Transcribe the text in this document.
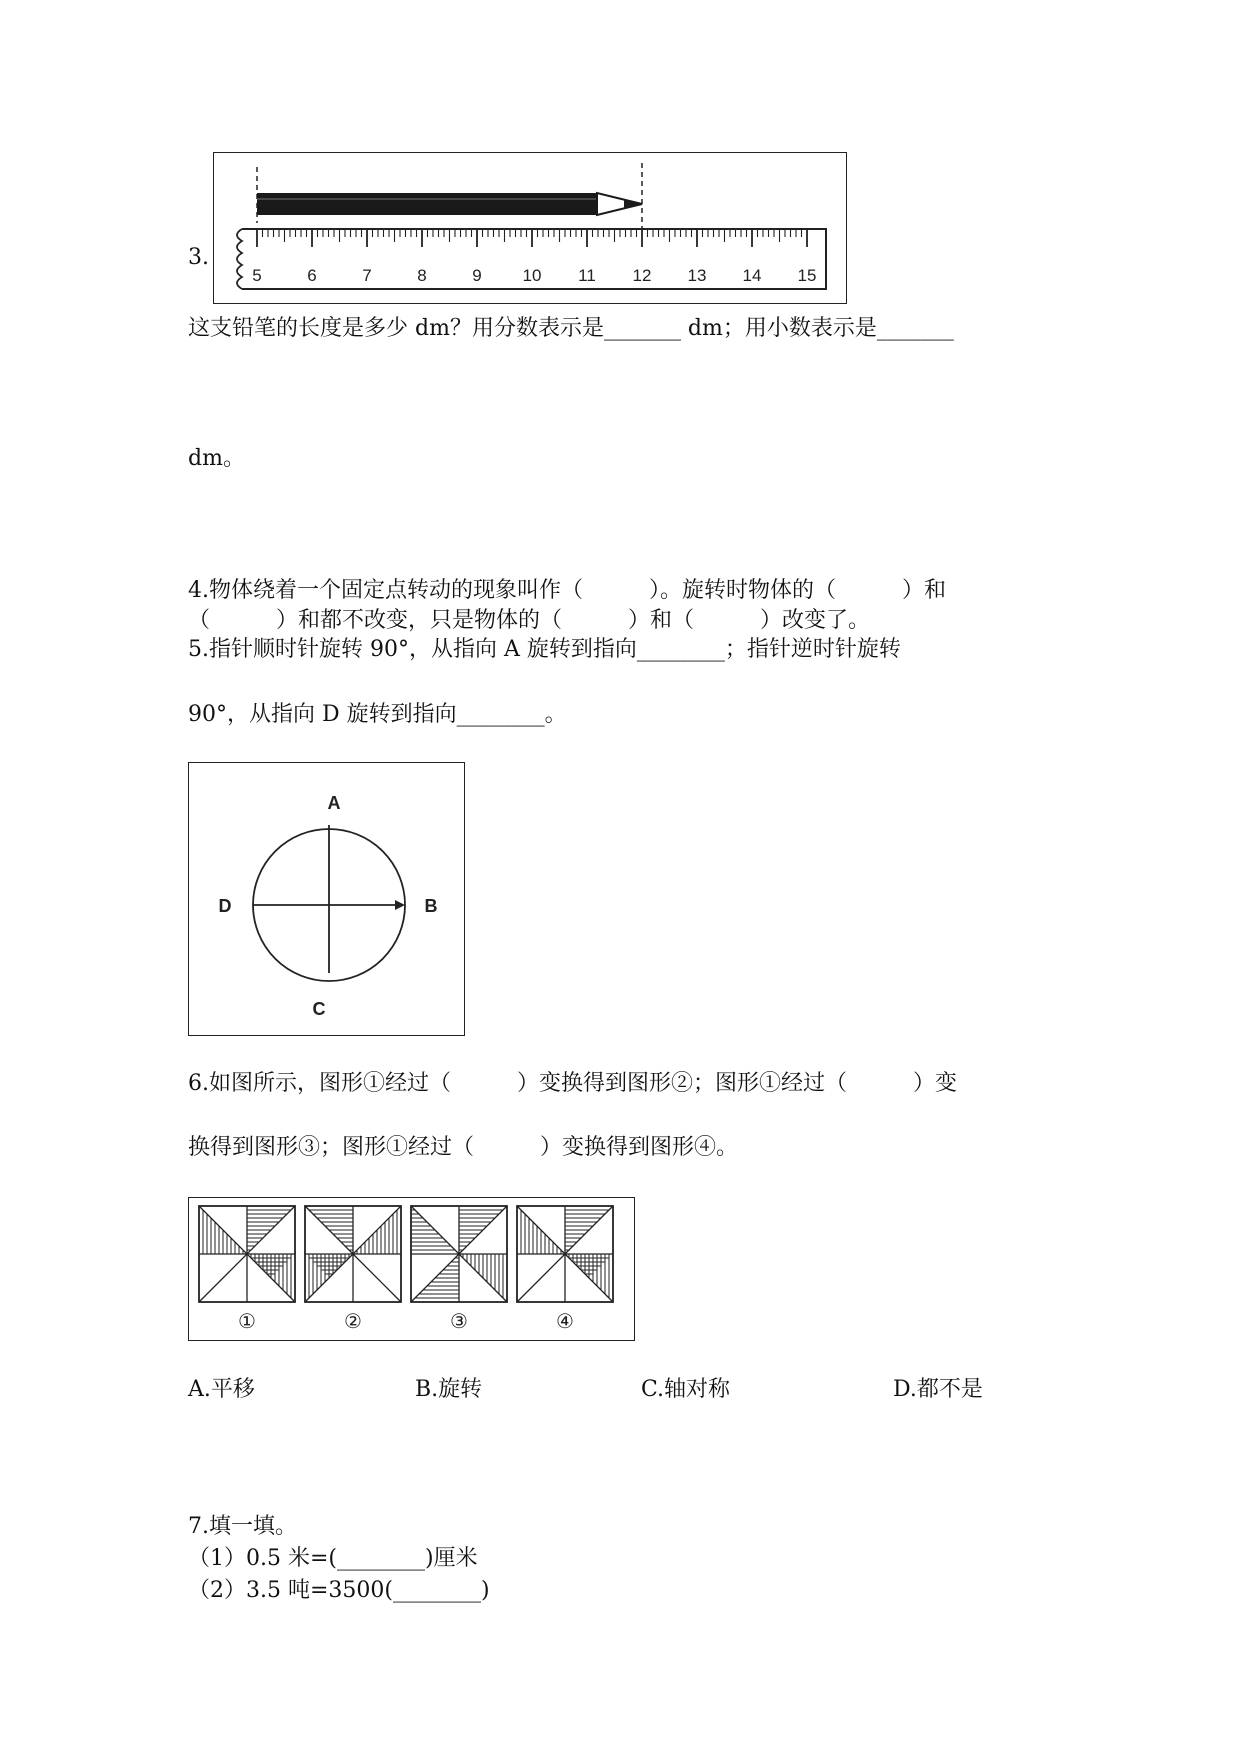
3.
5	6	7	8	9 10 11 12 13 14 15
这支铅笔的长度是多少 dm？用分数表示是_______ dm；用小数表示是_______
dm。
4.物体绕着一个固定点转动的现象叫作（　　　）。旋转时物体的（　　　）和
（　　　）和都不改变，只是物体的（　　　）和（　　　）改变了。
5.指针顺时针旋转 90°，从指向 A 旋转到指向________；指针逆时针旋转
90°，从指向 D 旋转到指向________。
A
B
C
D
6.如图所示，图形①经过（　　　）变换得到图形②；图形①经过（　　　）变
换得到图形③；图形①经过（　　　）变换得到图形④。
①	②	③	④
A.平移	B.旋转	C.轴对称	D.都不是
7.填一填。
（1）0.5 米=(________)厘米
（2）3.5 吨=3500(________)
